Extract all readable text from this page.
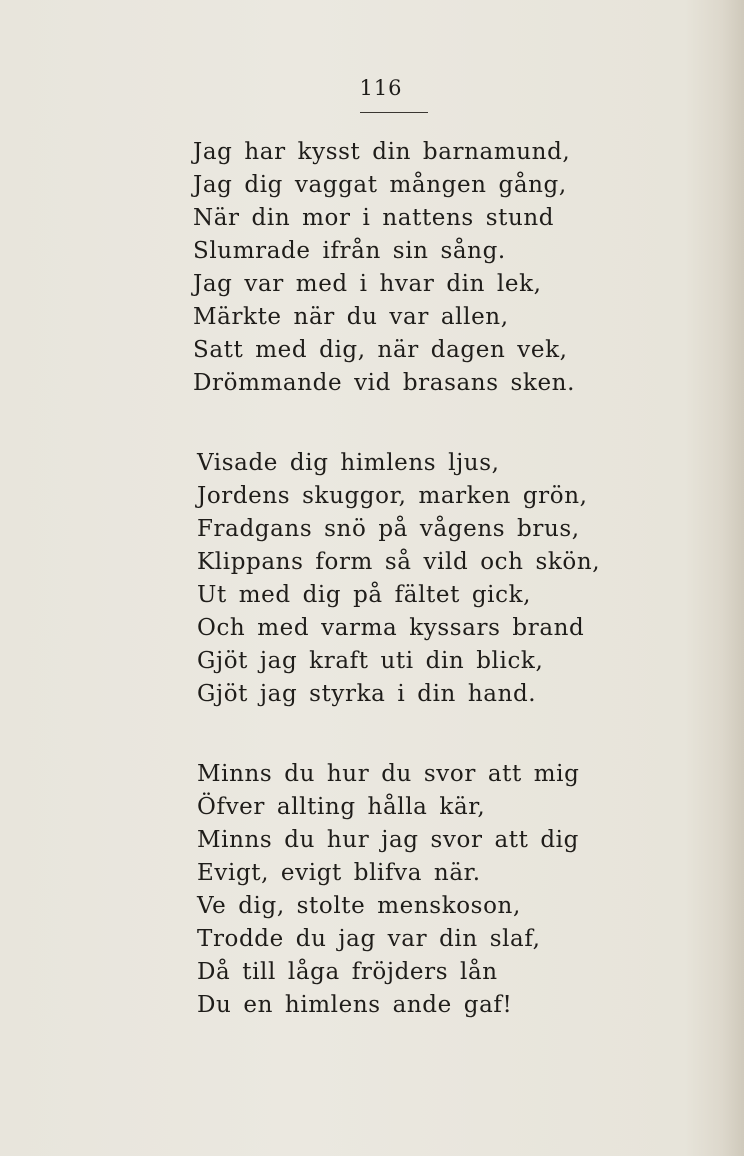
116
Jag har kysst din barnamund,
Jag dig vaggat mången gång,
När din mor i nattens stund
Slumrade ifrån sin sång.
Jag var med i hvar din lek,
Märkte när du var allen,
Satt med dig, när dagen vek,
Drömmande vid brasans sken.
Visade dig himlens ljus,
Jordens skuggor, marken grön,
Fradgans snö på vågens brus,
Klippans form så vild och skön,
Ut med dig på fältet gick,
Och med varma kyssars brand
Gjöt jag kraft uti din blick,
Gjöt jag styrka i din hand.
Minns du hur du svor att mig
Öfver allting hålla kär,
Minns du hur jag svor att dig
Evigt, evigt blifva när.
Ve dig, stolte menskoson,
Trodde du jag var din slaf,
Då till låga fröjders lån
Du en himlens ande gaf!
